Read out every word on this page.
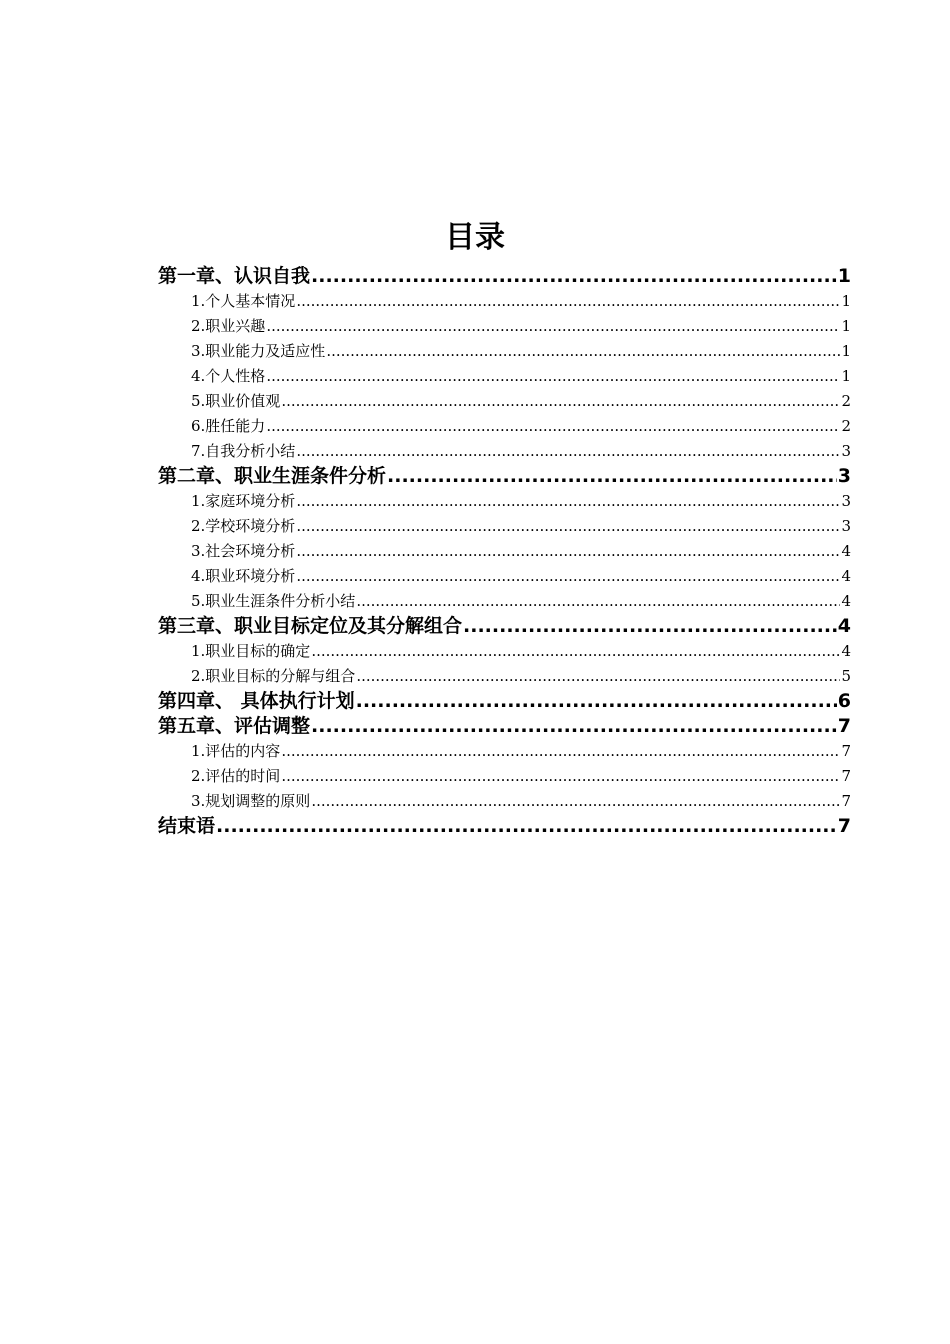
目录
第一章、认识自我 .....	1
1.个人基本情况 .....	1
2.职业兴趣 .....	1
3.职业能力及适应性 .....	1
4.个人性格 .....	1
5.职业价值观 .....	2
6.胜任能力 .....	2
7.自我分析小结 .....	3
第二章、职业生涯条件分析 .....	3
1.家庭环境分析 .....	3
2.学校环境分析 .....	3
3.社会环境分析 .....	4
4.职业环境分析 .....	4
5.职业生涯条件分析小结 .....	4
第三章、职业目标定位及其分解组合 .....	4
1.职业目标的确定 .....	4
2.职业目标的分解与组合 .....	5
第四章、 具体执行计划 .....	6
第五章、评估调整 .....	7
1.评估的内容 .....	7
2.评估的时间 .....	7
3.规划调整的原则 .....	7
结束语 .....	7
